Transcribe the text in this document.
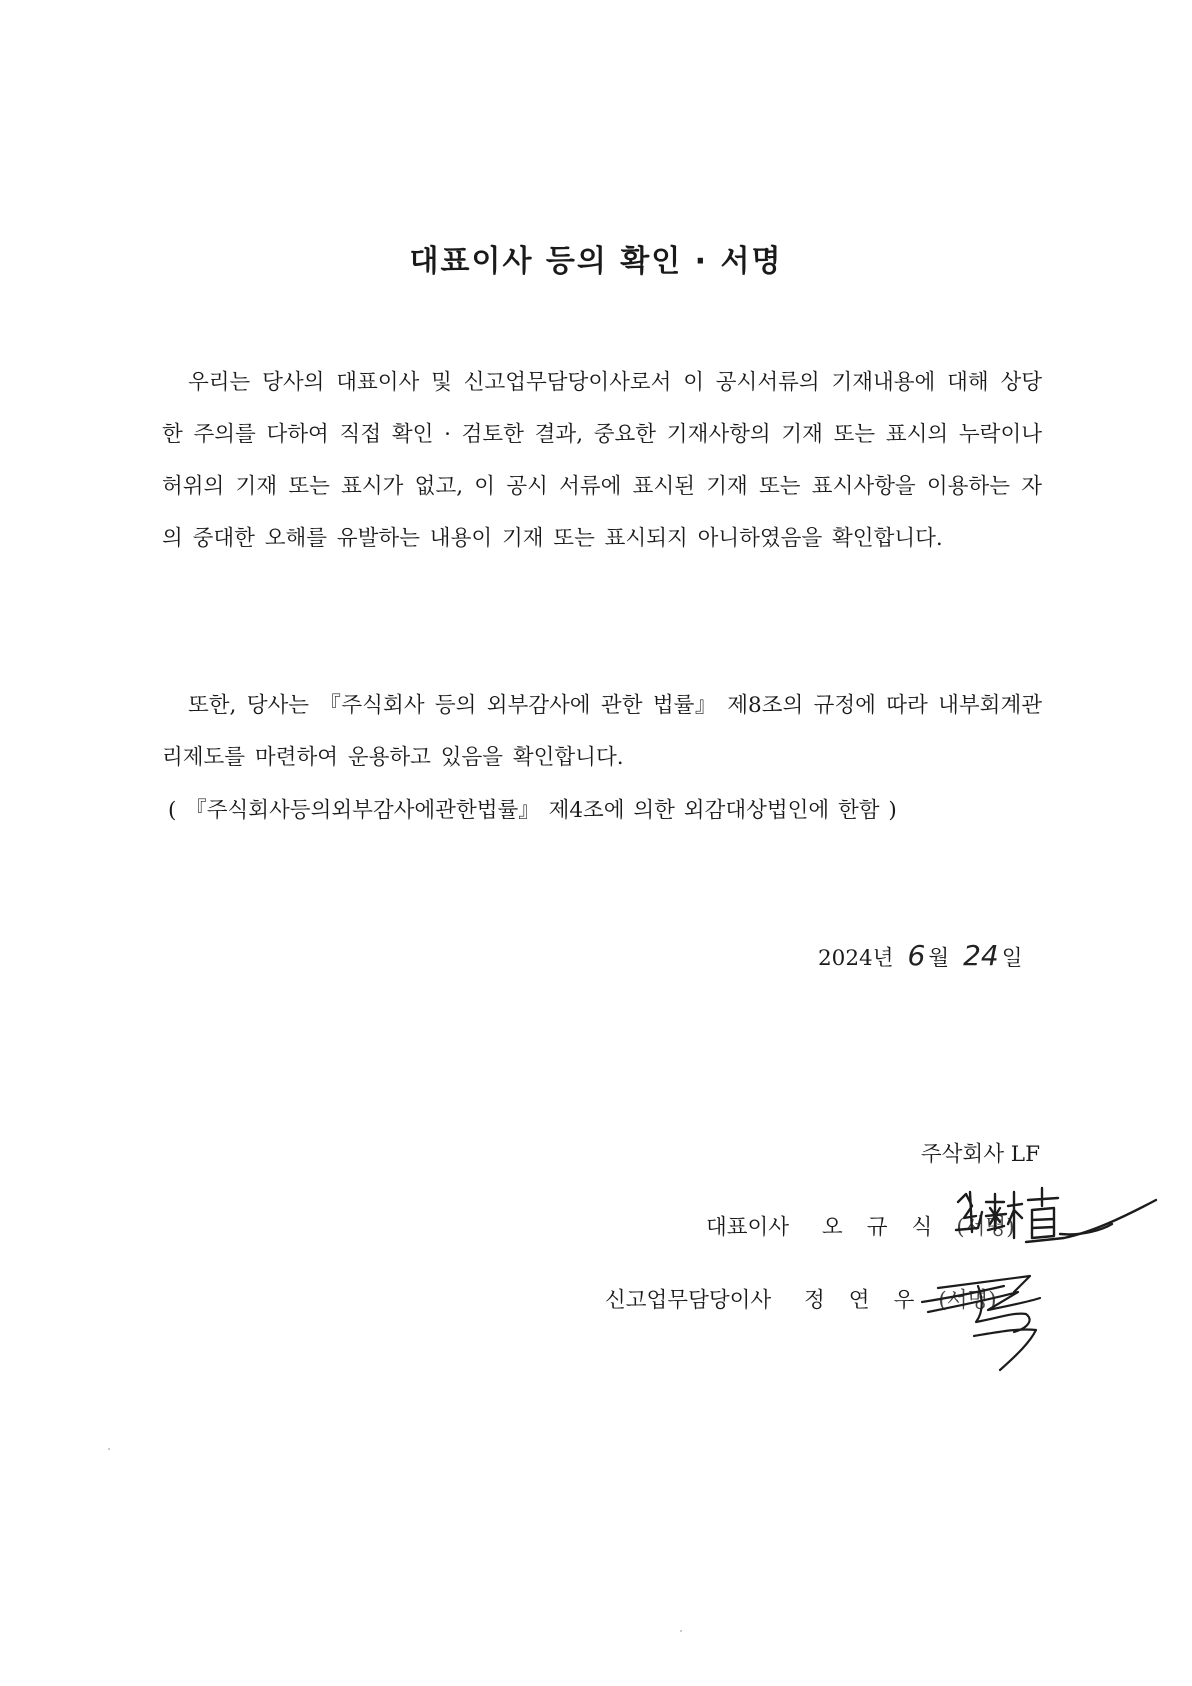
대표이사 등의 확인 · 서명
우리는 당사의 대표이사 및 신고업무담당이사로서 이 공시서류의 기재내용에 대해 상당한 주의를 다하여 직접 확인 · 검토한 결과, 중요한 기재사항의 기재 또는 표시의 누락이나 허위의 기재 또는 표시가 없고, 이 공시 서류에 표시된 기재 또는 표시사항을 이용하는 자의 중대한 오해를 유발하는 내용이 기재 또는 표시되지 아니하였음을 확인합니다.
또한, 당사는 『주식회사 등의 외부감사에 관한 법률』 제8조의 규정에 따라 내부회계관리제도를 마련하여 운용하고 있음을 확인합니다.
( 『주식회사등의외부감사에관한법률』 제4조에 의한 외감대상법인에 한함 )
2024년 6 월 24 일
주삭회사 LF
대표이사 오 규 식 (서명)
신고업무담당이사 정 연 우 (서명)
